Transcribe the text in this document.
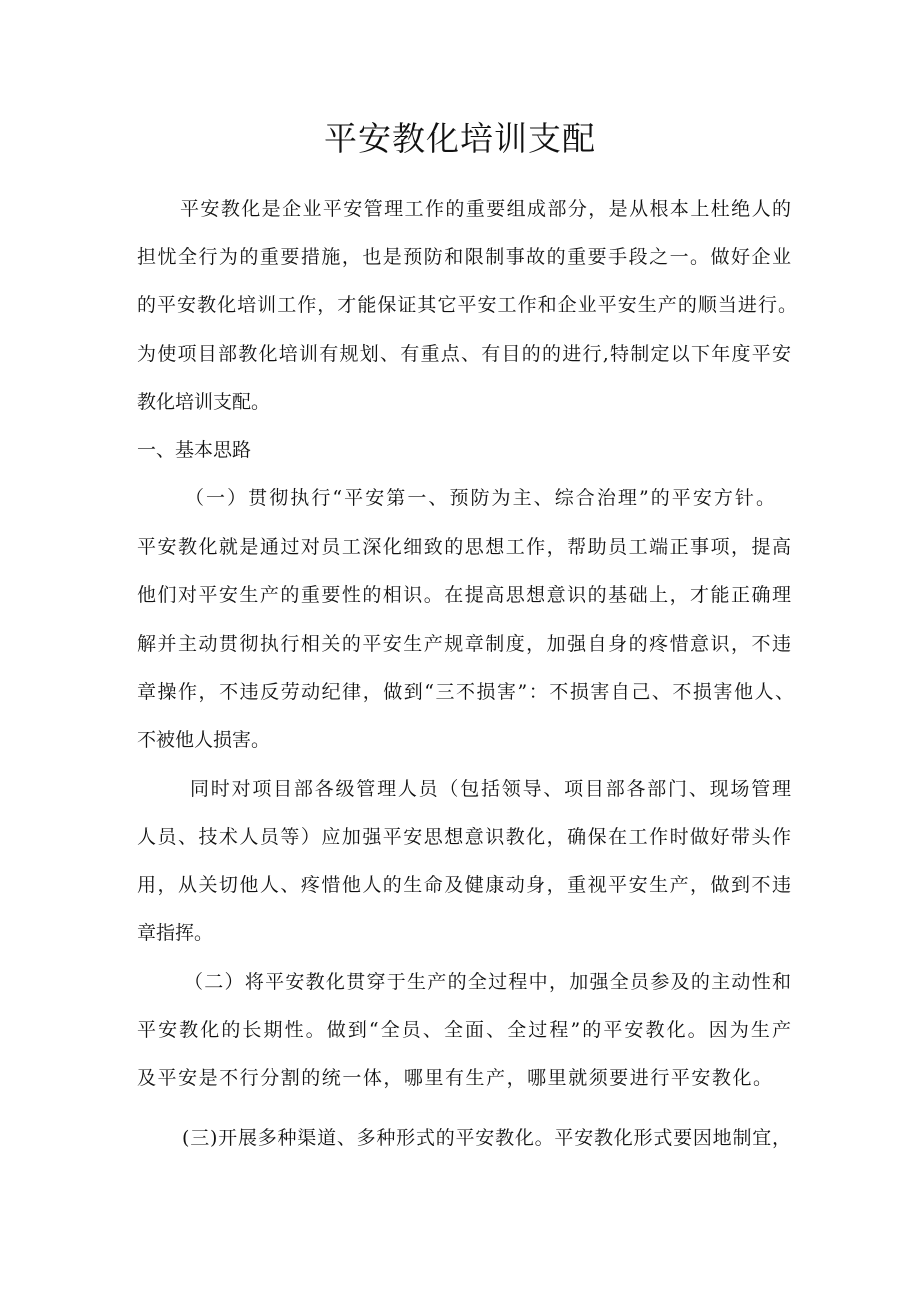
平安教化培训支配

平安教化是企业平安管理工作的重要组成部分，是从根本上杜绝人的

担忧全行为的重要措施，也是预防和限制事故的重要手段之一。做好企业

的平安教化培训工作，才能保证其它平安工作和企业平安生产的顺当进行。

为使项目部教化培训有规划、有重点、有目的的进行,特制定以下年度平安

教化培训支配。

一、基本思路

（一）贯彻执行“平安第一、预防为主、综合治理”的平安方针。

平安教化就是通过对员工深化细致的思想工作，帮助员工端正事项，提高

他们对平安生产的重要性的相识。在提高思想意识的基础上，才能正确理

解并主动贯彻执行相关的平安生产规章制度，加强自身的疼惜意识，不违

章操作，不违反劳动纪律，做到“三不损害”：不损害自己、不损害他人、

不被他人损害。

同时对项目部各级管理人员（包括领导、项目部各部门、现场管理

人员、技术人员等）应加强平安思想意识教化，确保在工作时做好带头作

用，从关切他人、疼惜他人的生命及健康动身，重视平安生产，做到不违

章指挥。

（二）将平安教化贯穿于生产的全过程中，加强全员参及的主动性和

平安教化的长期性。做到“全员、全面、全过程”的平安教化。因为生产

及平安是不行分割的统一体，哪里有生产，哪里就须要进行平安教化。

(三)开展多种渠道、多种形式的平安教化。平安教化形式要因地制宜，
